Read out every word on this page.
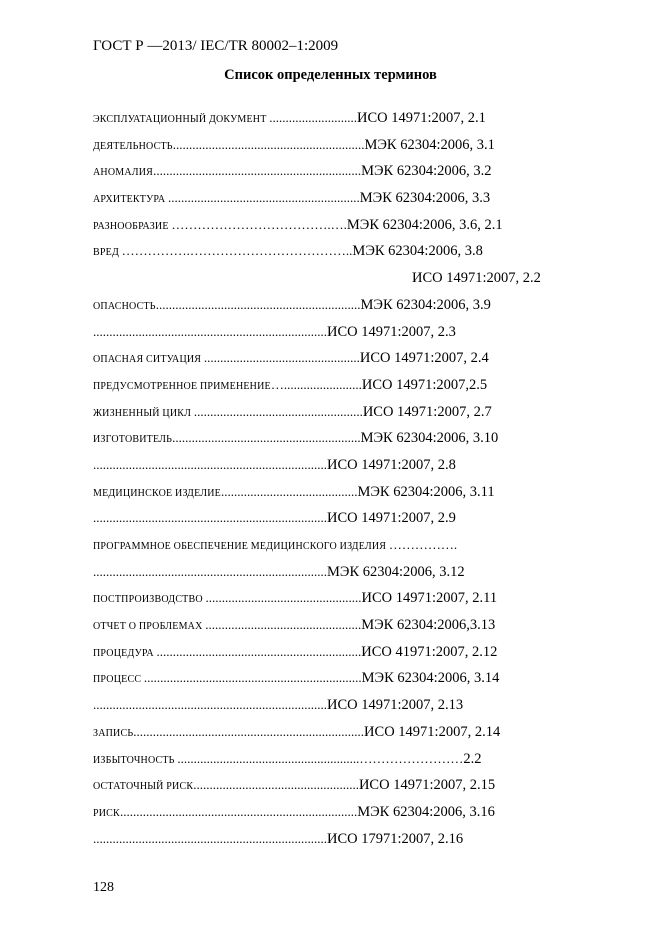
ГОСТ Р —2013/ IEC/TR 80002–1:2009
Список определенных терминов
ЭКСПЛУАТАЦИОННЫЙ ДОКУМЕНТ ...........................ИСО 14971:2007, 2.1
ДЕЯТЕЛЬНОСТЬ...........................................................МЭК 62304:2006, 3.1
АНОМАЛИЯ................................................................МЭК 62304:2006, 3.2
АРХИТЕКТУРА ...........................................................МЭК 62304:2006, 3.3
РАЗНООБРАЗИЕ ……………………………….….МЭК 62304:2006, 3.6, 2.1
ВРЕД …………….………………………………..МЭК 62304:2006, 3.8
ИСО 14971:2007, 2.2
ОПАСНОСТЬ...............................................................МЭК 62304:2006, 3.9
........................................................................ИСО 14971:2007, 2.3
ОПАСНАЯ СИТУАЦИЯ ................................................ИСО 14971:2007, 2.4
ПРЕДУСМОТРЕННОЕ ПРИМЕНЕНИЕ…........................ИСО 14971:2007,2.5
ЖИЗНЕННЫЙ ЦИКЛ ....................................................ИСО 14971:2007, 2.7
ИЗГОТОВИТЕЛЬ..........................................................МЭК 62304:2006, 3.10
........................................................................ИСО 14971:2007, 2.8
МЕДИЦИНСКОЕ ИЗДЕЛИЕ..........................................МЭК 62304:2006, 3.11
........................................................................ИСО 14971:2007, 2.9
ПРОГРАММНОЕ ОБЕСПЕЧЕНИЕ МЕДИЦИНСКОГО ИЗДЕЛИЯ …………….
........................................................................МЭК 62304:2006, 3.12
ПОСТПРОИЗВОДСТВО ................................................ИСО 14971:2007, 2.11
ОТЧЕТ О ПРОБЛЕМАХ ................................................МЭК 62304:2006,3.13
ПРОЦЕДУРА ...............................................................ИСО 41971:2007, 2.12
ПРОЦЕСС ...................................................................МЭК 62304:2006, 3.14
........................................................................ИСО 14971:2007, 2.13
ЗАПИСЬ.......................................................................ИСО 14971:2007, 2.14
ИЗБЫТОЧНОСТЬ ........................................................……………………2.2
ОСТАТОЧНЫЙ РИСК...................................................ИСО 14971:2007, 2.15
РИСК.........................................................................МЭК 62304:2006, 3.16
........................................................................ИСО 17971:2007, 2.16
128
